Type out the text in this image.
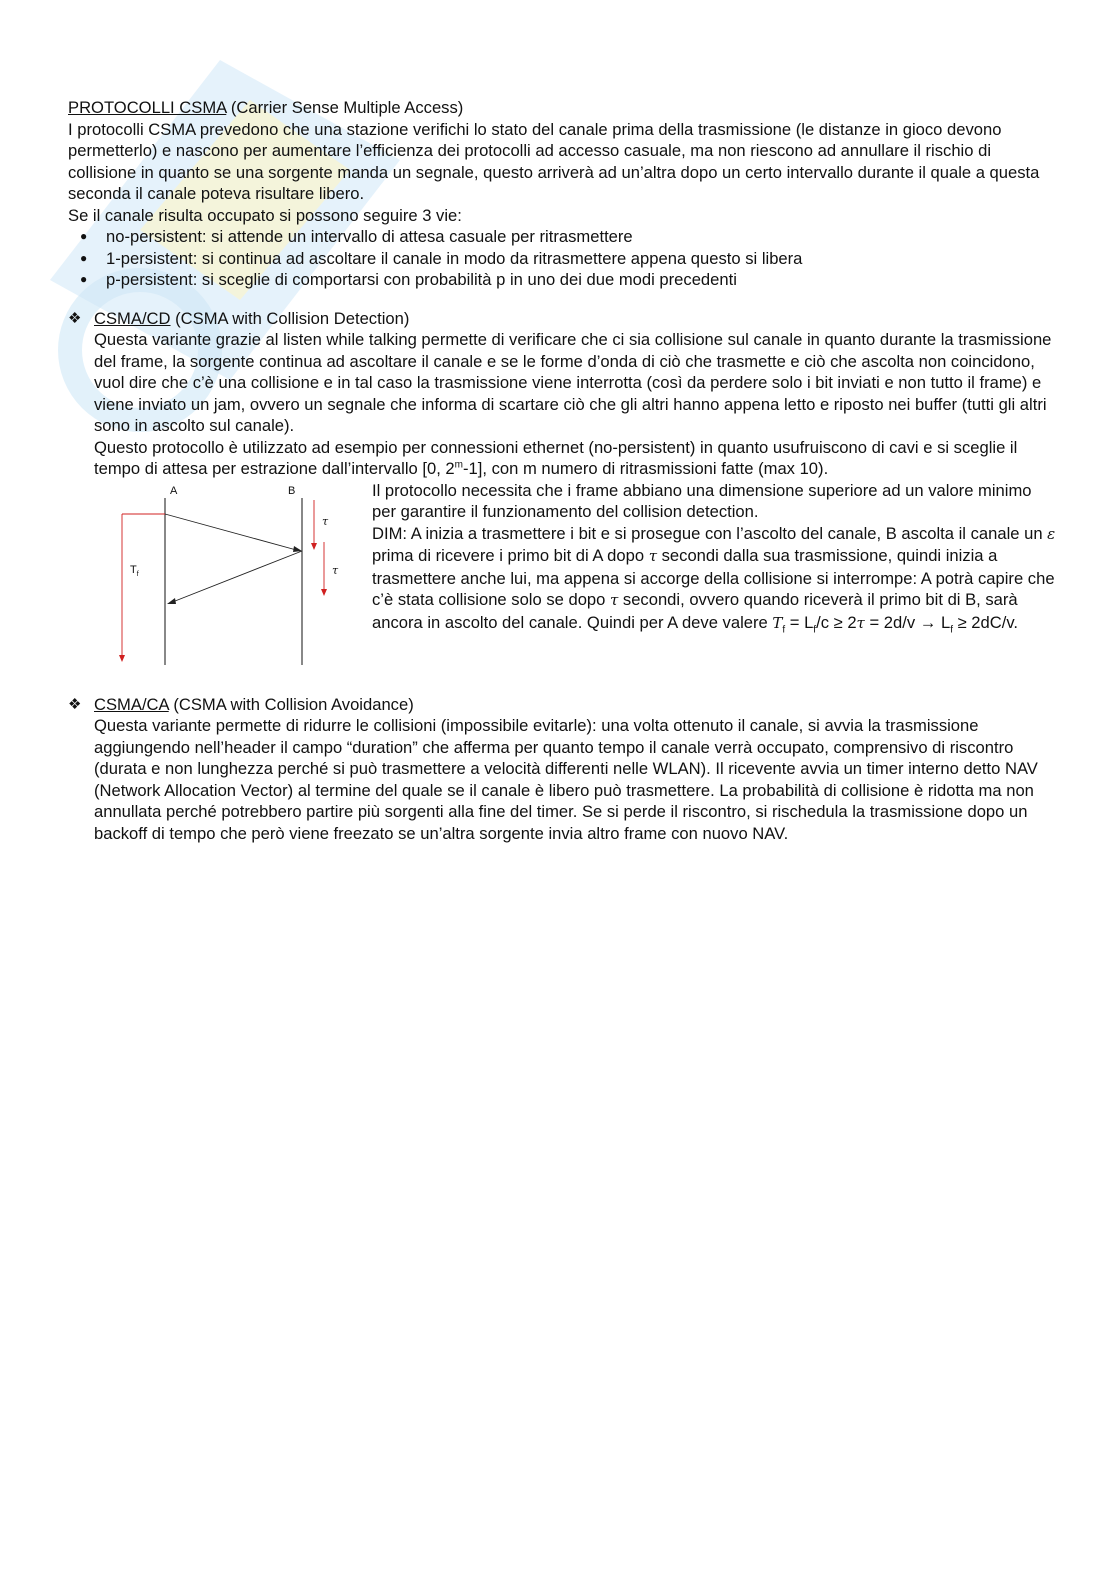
PROTOCOLLI CSMA (Carrier Sense Multiple Access)

I protocolli CSMA prevedono che una stazione verifichi lo stato del canale prima della trasmissione (le distanze in gioco devono permetterlo) e nascono per aumentare l’efficienza dei protocolli ad accesso casuale, ma non riescono ad annullare il rischio di collisione in quanto se una sorgente manda un segnale, questo arriverà ad un’altra dopo un certo intervallo durante il quale a questa seconda il canale poteva risultare libero.

Se il canale risulta occupato si possono seguire 3 vie:

● no-persistent: si attende un intervallo di attesa casuale per ritrasmettere
● 1-persistent: si continua ad ascoltare il canale in modo da ritrasmettere appena questo si libera
● p-persistent: si sceglie di comportarsi con probabilità p in uno dei due modi precedenti
❖ CSMA/CD (CSMA with Collision Detection)

Questa variante grazie al listen while talking permette di verificare che ci sia collisione sul canale in quanto durante la trasmissione del frame, la sorgente continua ad ascoltare il canale e se le forme d’onda di ciò che trasmette e ciò che ascolta non coincidono, vuol dire che c’è una collisione e in tal caso la trasmissione viene interrotta (così da perdere solo i bit inviati e non tutto il frame) e viene inviato un jam, ovvero un segnale che informa di scartare ciò che gli altri hanno appena letto e riposto nei buffer (tutti gli altri sono in ascolto sul canale).

Questo protocollo è utilizzato ad esempio per connessioni ethernet (no-persistent) in quanto usufruiscono di cavi e si sceglie il tempo di attesa per estrazione dall’intervallo [0, 2$^m$-1], con m numero di ritrasmissioni fatte (max 10).

A	B
$T_f$
τ
τ

Il protocollo necessita che i frame abbiano una dimensione superiore ad un valore minimo per garantire il funzionamento del collision detection.

DIM: A inizia a trasmettere i bit e si prosegue con l’ascolto del canale, B ascolta il canale un ε prima di ricevere i primo bit di A dopo τ secondi dalla sua trasmissione, quindi inizia a trasmettere anche lui, ma appena si accorge della collisione si interrompe: A potrà capire che c’è stata collisione solo se dopo τ secondi, ovvero quando riceverà il primo bit di B, sarà ancora in ascolto del canale. Quindi per A deve valere $T_f = L_f/c \ge 2\tau = 2d/v \to L_f \ge 2dC/v$.

❖ CSMA/CA (CSMA with Collision Avoidance)

Questa variante permette di ridurre le collisioni (impossibile evitarle): una volta ottenuto il canale, si avvia la trasmissione aggiungendo nell’header il campo “duration” che afferma per quanto tempo il canale verrà occupato, comprensivo di riscontro (durata e non lunghezza perché si può trasmettere a velocità differenti nelle WLAN). Il ricevente avvia un timer interno detto NAV (Network Allocation Vector) al termine del quale se il canale è libero può trasmettere. La probabilità di collisione è ridotta ma non annullata perché potrebbero partire più sorgenti alla fine del timer. Se si perde il riscontro, si rischedula la trasmissione dopo un backoff di tempo che però viene freezato se un’altra sorgente invia altro frame con nuovo NAV.
